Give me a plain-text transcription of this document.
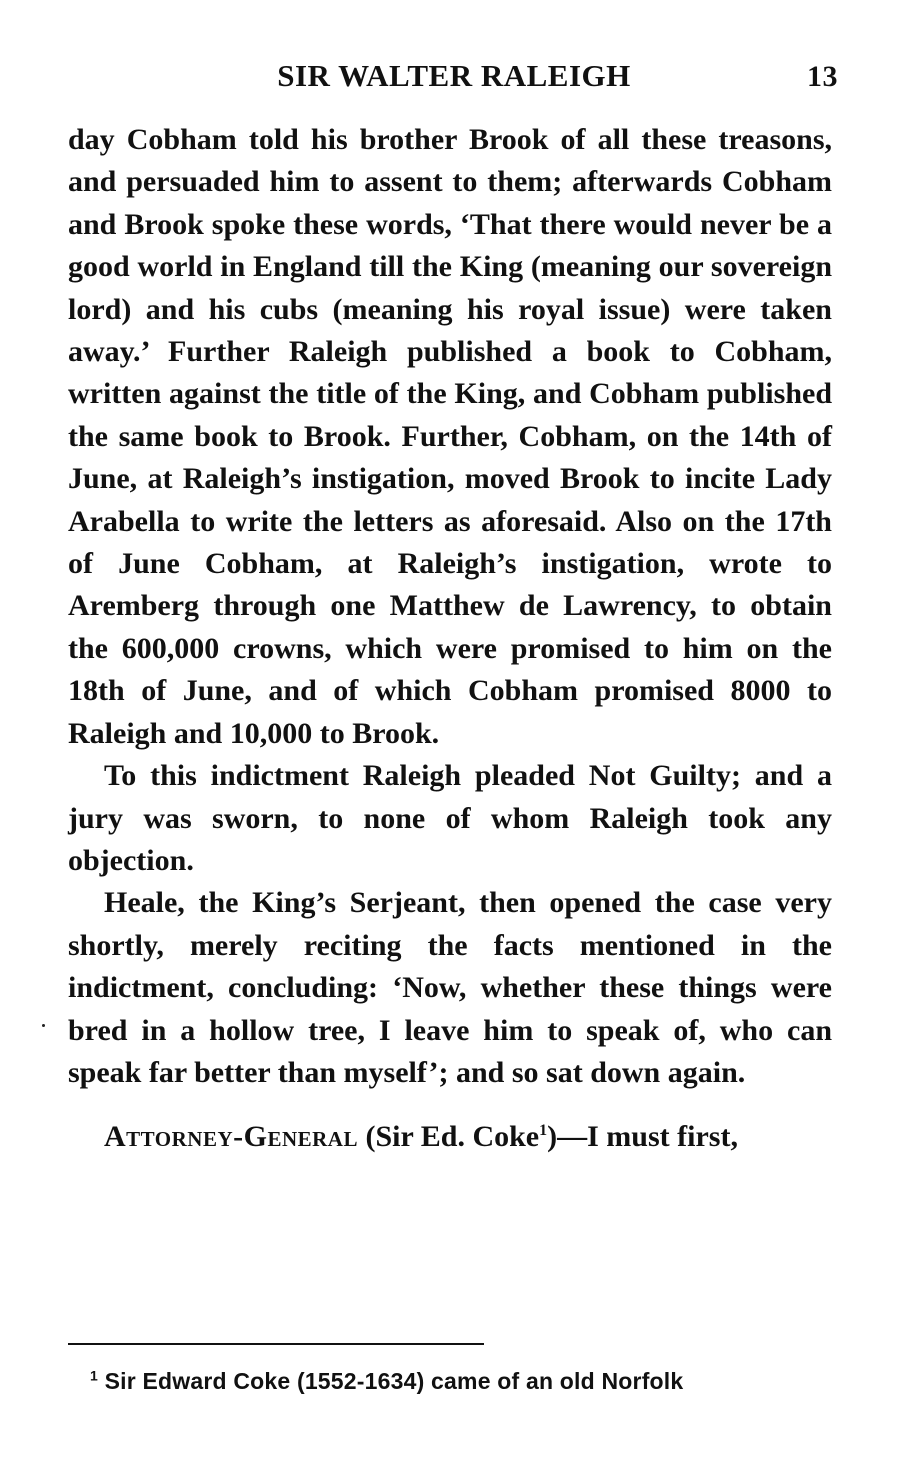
SIR WALTER RALEIGH	13

day Cobham told his brother Brook of all these treasons, and persuaded him to assent to them; afterwards Cobham and Brook spoke these words, ‘That there would never be a good world in England till the King (meaning our sovereign lord) and his cubs (meaning his royal issue) were taken away.’ Further Raleigh published a book to Cobham, written against the title of the King, and Cobham published the same book to Brook. Further, Cobham, on the 14th of June, at Raleigh’s instigation, moved Brook to incite Lady Arabella to write the letters as aforesaid. Also on the 17th of June Cobham, at Raleigh’s instigation, wrote to Aremberg through one Matthew de Lawrency, to obtain the 600,000 crowns, which were promised to him on the 18th of June, and of which Cobham promised 8000 to Raleigh and 10,000 to Brook.

To this indictment Raleigh pleaded Not Guilty; and a jury was sworn, to none of whom Raleigh took any objection.

Heale, the King’s Serjeant, then opened the case very shortly, merely reciting the facts mentioned in the indictment, concluding: ‘Now, whether these things were bred in a hollow tree, I leave him to speak of, who can speak far better than myself’; and so sat down again.

Attorney-General (Sir Ed. Coke$^1$)—I must first,

$^1$ Sir Edward Coke (1552-1634) came of an old Norfolk
